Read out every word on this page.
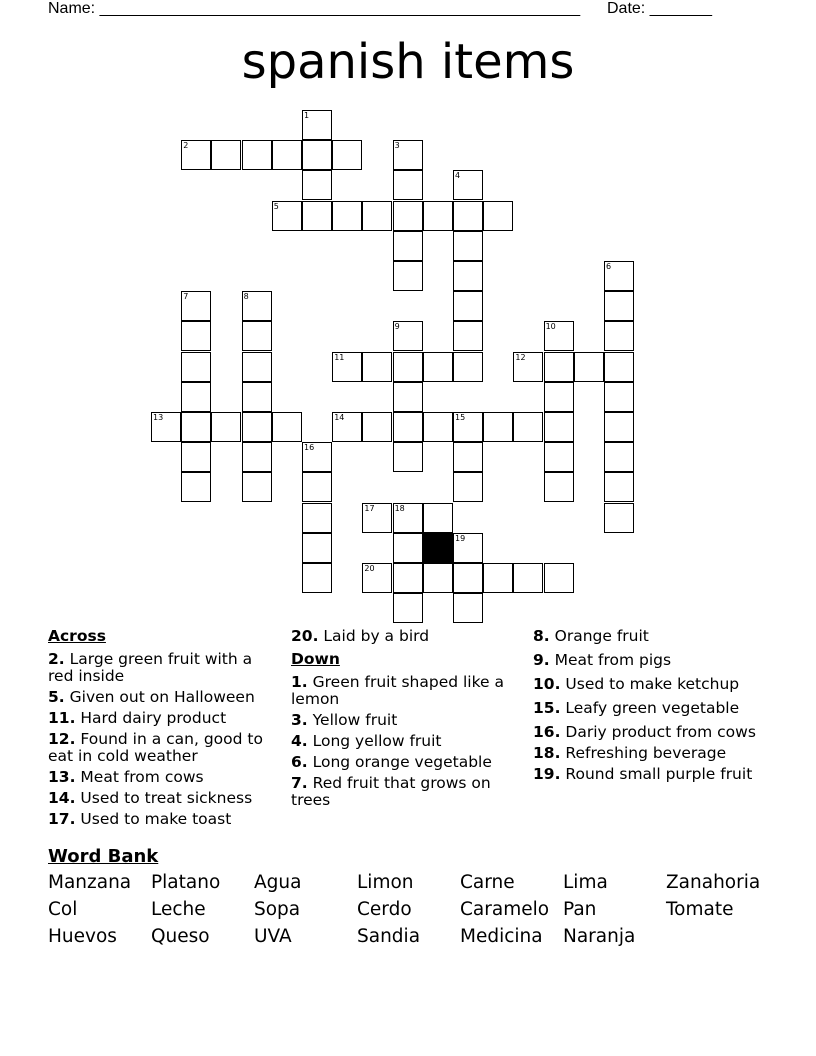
Name: ______________________________________________________ Date: _______
spanish items
1
2	3
4
5
6
7	8
9	10
11	12
13	14	15
16
17	18
19
20
Across
2. Large green fruit with a red inside
5. Given out on Halloween
11. Hard dairy product
12. Found in a can, good to eat in cold weather
13. Meat from cows
14. Used to treat sickness
17. Used to make toast
20. Laid by a bird
Down
1. Green fruit shaped like a lemon
3. Yellow fruit
4. Long yellow fruit
6. Long orange vegetable
7. Red fruit that grows on trees
8. Orange fruit
9. Meat from pigs
10. Used to make ketchup
15. Leafy green vegetable
16. Dariy product from cows
18. Refreshing beverage
19. Round small purple fruit
Word Bank
Manzana	Platano	Agua	Limon	Carne	Lima	Zanahoria
Col	Leche	Sopa	Cerdo	Caramelo Pan	Tomate
Huevos	Queso	UVA	Sandia	Medicina	Naranja
